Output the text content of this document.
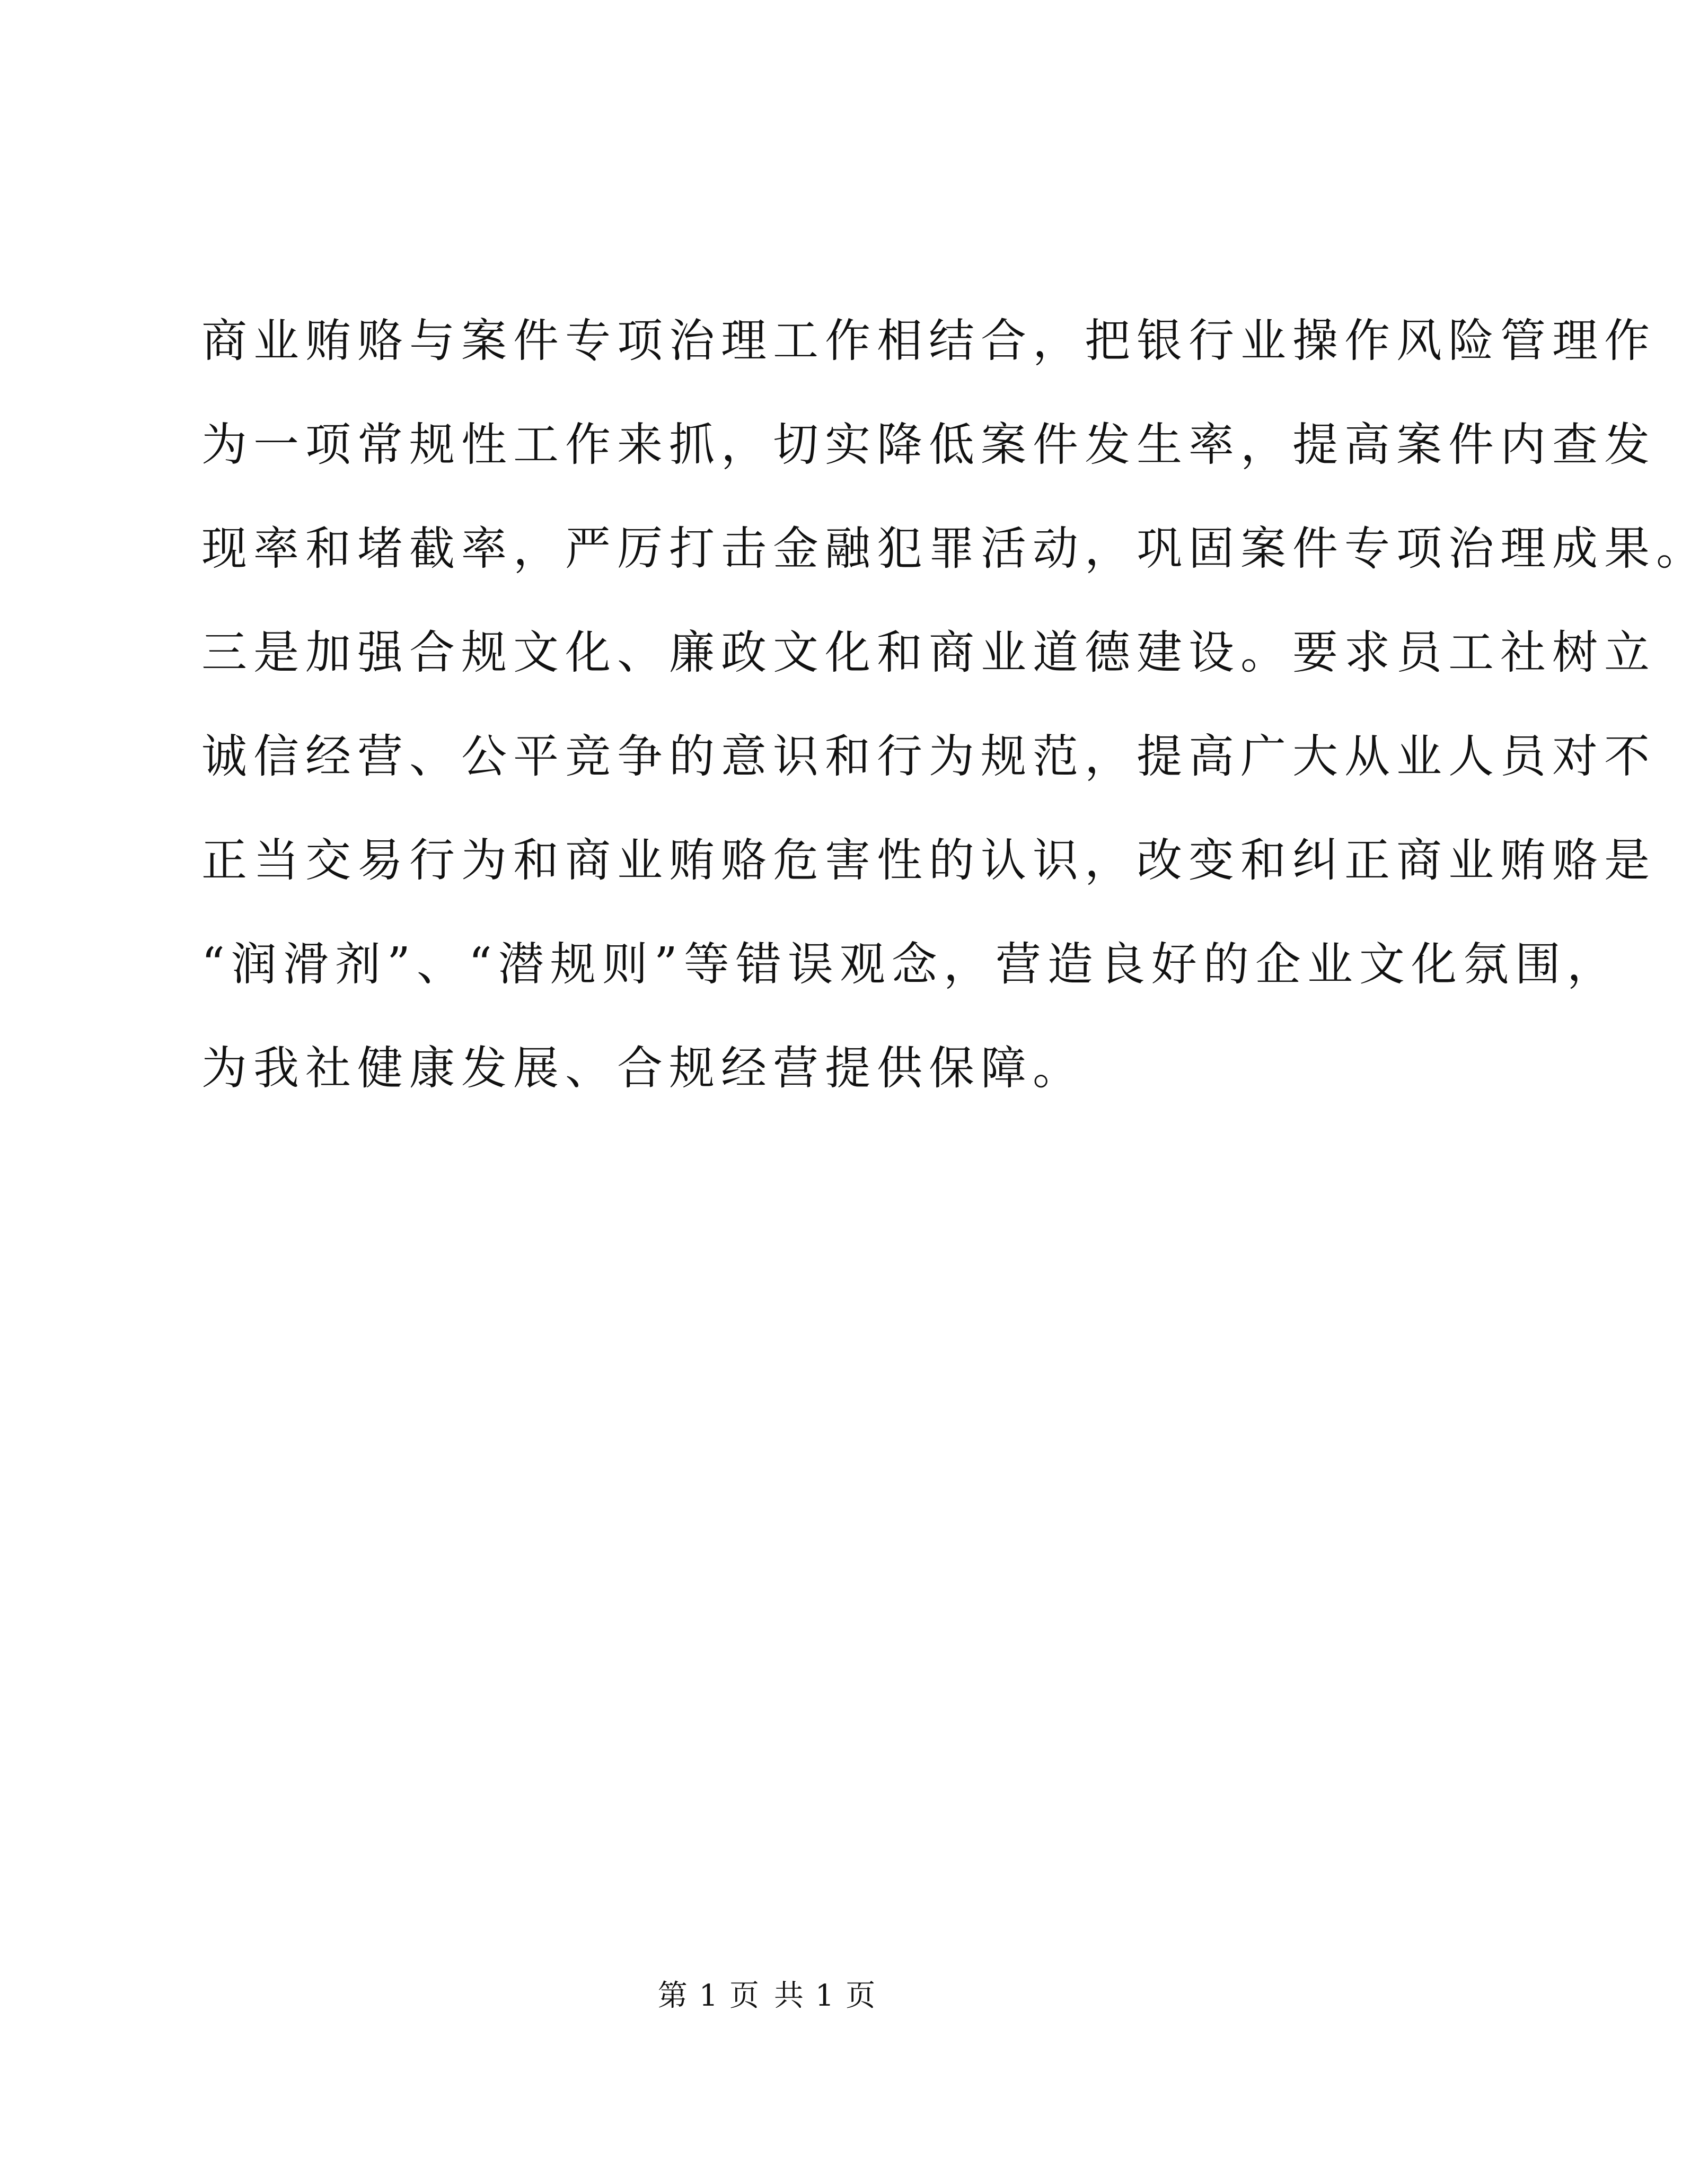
商业贿赂与案件专项治理工作相结合，把银行业操作风险管理作
为一项常规性工作来抓，切实降低案件发生率，提高案件内查发
现率和堵截率，严厉打击金融犯罪活动，巩固案件专项治理成果。
三是加强合规文化、廉政文化和商业道德建设。要求员工社树立
诚信经营、公平竞争的意识和行为规范，提高广大从业人员对不
正当交易行为和商业贿赂危害性的认识，改变和纠正商业贿赂是
“润滑剂”、“潜规则”等错误观念，营造良好的企业文化氛围，
为我社健康发展、合规经营提供保障。
第 1 页 共 1 页
